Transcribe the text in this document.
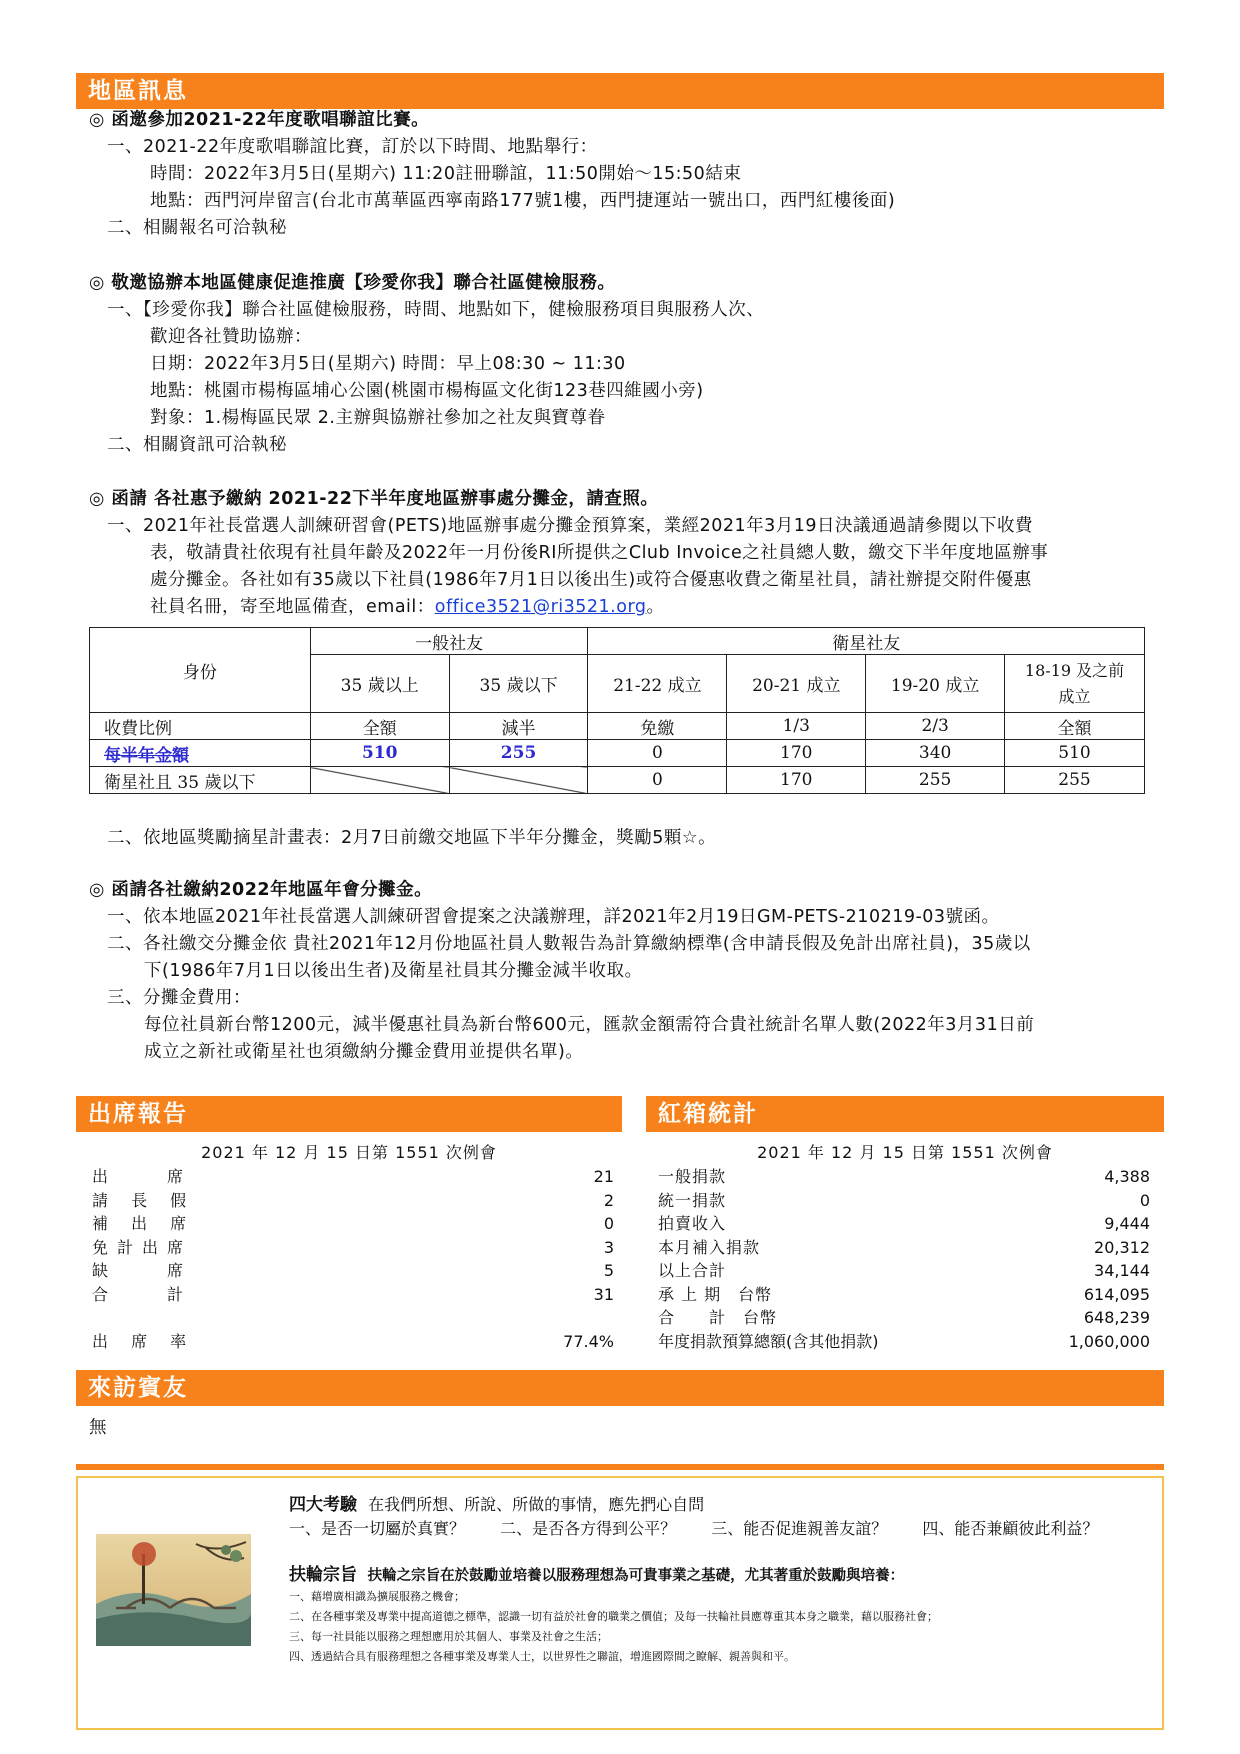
地區訊息
◎ 函邀參加2021-22年度歌唱聯誼比賽。
一、2021-22年度歌唱聯誼比賽，訂於以下時間、地點舉行：
時間：2022年3月5日(星期六) 11:20註冊聯誼，11:50開始～15:50結束
地點：西門河岸留言(台北市萬華區西寧南路177號1樓，西門捷運站一號出口，西門紅樓後面)
二、相關報名可洽執秘
◎ 敬邀協辦本地區健康促進推廣【珍愛你我】聯合社區健檢服務。
一、【珍愛你我】聯合社區健檢服務，時間、地點如下，健檢服務項目與服務人次、
歡迎各社贊助協辦：
日期：2022年3月5日(星期六) 時間：早上08:30 ~ 11:30
地點：桃園市楊梅區埔心公園(桃園市楊梅區文化街123巷四維國小旁)
對象：1.楊梅區民眾 2.主辦與協辦社參加之社友與寶尊眷
二、相關資訊可洽執秘
◎ 函請 各社惠予繳納 2021-22下半年度地區辦事處分攤金，請查照。
一、2021年社長當選人訓練研習會(PETS)地區辦事處分攤金預算案，業經2021年3月19日決議通過請參閱以下收費
表，敬請貴社依現有社員年齡及2022年一月份後RI所提供之Club Invoice之社員總人數，繳交下半年度地區辦事
處分攤金。各社如有35歲以下社員(1986年7月1日以後出生)或符合優惠收費之衛星社員，請社辦提交附件優惠
社員名冊，寄至地區備查，email：office3521@ri3521.org。
身份	一般社友		衛星社友			
	35 歲以上	35 歲以下	21-22 成立	20-21 成立	19-20 成立	18-19 及之前
成立

收費比例	全額	減半	免繳	1/3	2/3	全額
每半年金額	510	255	0	170	340	510
衛星社且 35 歲以下			0	170	255	255
二、依地區獎勵摘星計畫表：2月7日前繳交地區下半年分攤金，獎勵5顆☆。
◎ 函請各社繳納2022年地區年會分攤金。
一、依本地區2021年社長當選人訓練研習會提案之決議辦理，詳2021年2月19日GM-PETS-210219-03號函。
二、各社繳交分攤金依 貴社2021年12月份地區社員人數報告為計算繳納標準(含申請長假及免計出席社員)，35歲以
下(1986年7月1日以後出生者)及衛星社員其分攤金減半收取。
三、分攤金費用：
每位社員新台幣1200元，減半優惠社員為新台幣600元，匯款金額需符合貴社統計名單人數(2022年3月31日前
成立之新社或衛星社也須繳納分攤金費用並提供名單)。
出席報告
2021 年 12 月 15 日第 1551 次例會
出　　席	21
請 長 假	2
補 出 席	0
免計出席	3
缺　　席	5
合　　計	31
出 席 率	77.4%
紅箱統計
2021 年 12 月 15 日第 1551 次例會
一般捐款	4,388
統一捐款	0
拍賣收入	9,444
本月補入捐款	20,312
以上合計	34,144
承 上 期　台幣	614,095
合　　計　台幣	648,239
年度捐款預算總額(含其他捐款)	1,060,000
來訪賓友
無
四大考驗 在我們所想、所說、所做的事情，應先捫心自問
一、是否一切屬於真實？ 二、是否各方得到公平？ 三、能否促進親善友誼？ 四、能否兼顧彼此利益？
扶輪宗旨 扶輪之宗旨在於鼓勵並培養以服務理想為可貴事業之基礎，尤其著重於鼓勵與培養：
一、藉增廣相識為擴展服務之機會；
二、在各種事業及專業中提高道德之標準，認識一切有益於社會的職業之價值；及每一扶輪社員應尊重其本身之職業，藉以服務社會；
三、每一社員能以服務之理想應用於其個人、事業及社會之生活；
四、透過結合具有服務理想之各種事業及專業人士，以世界性之聯誼，增進國際間之瞭解、親善與和平。
